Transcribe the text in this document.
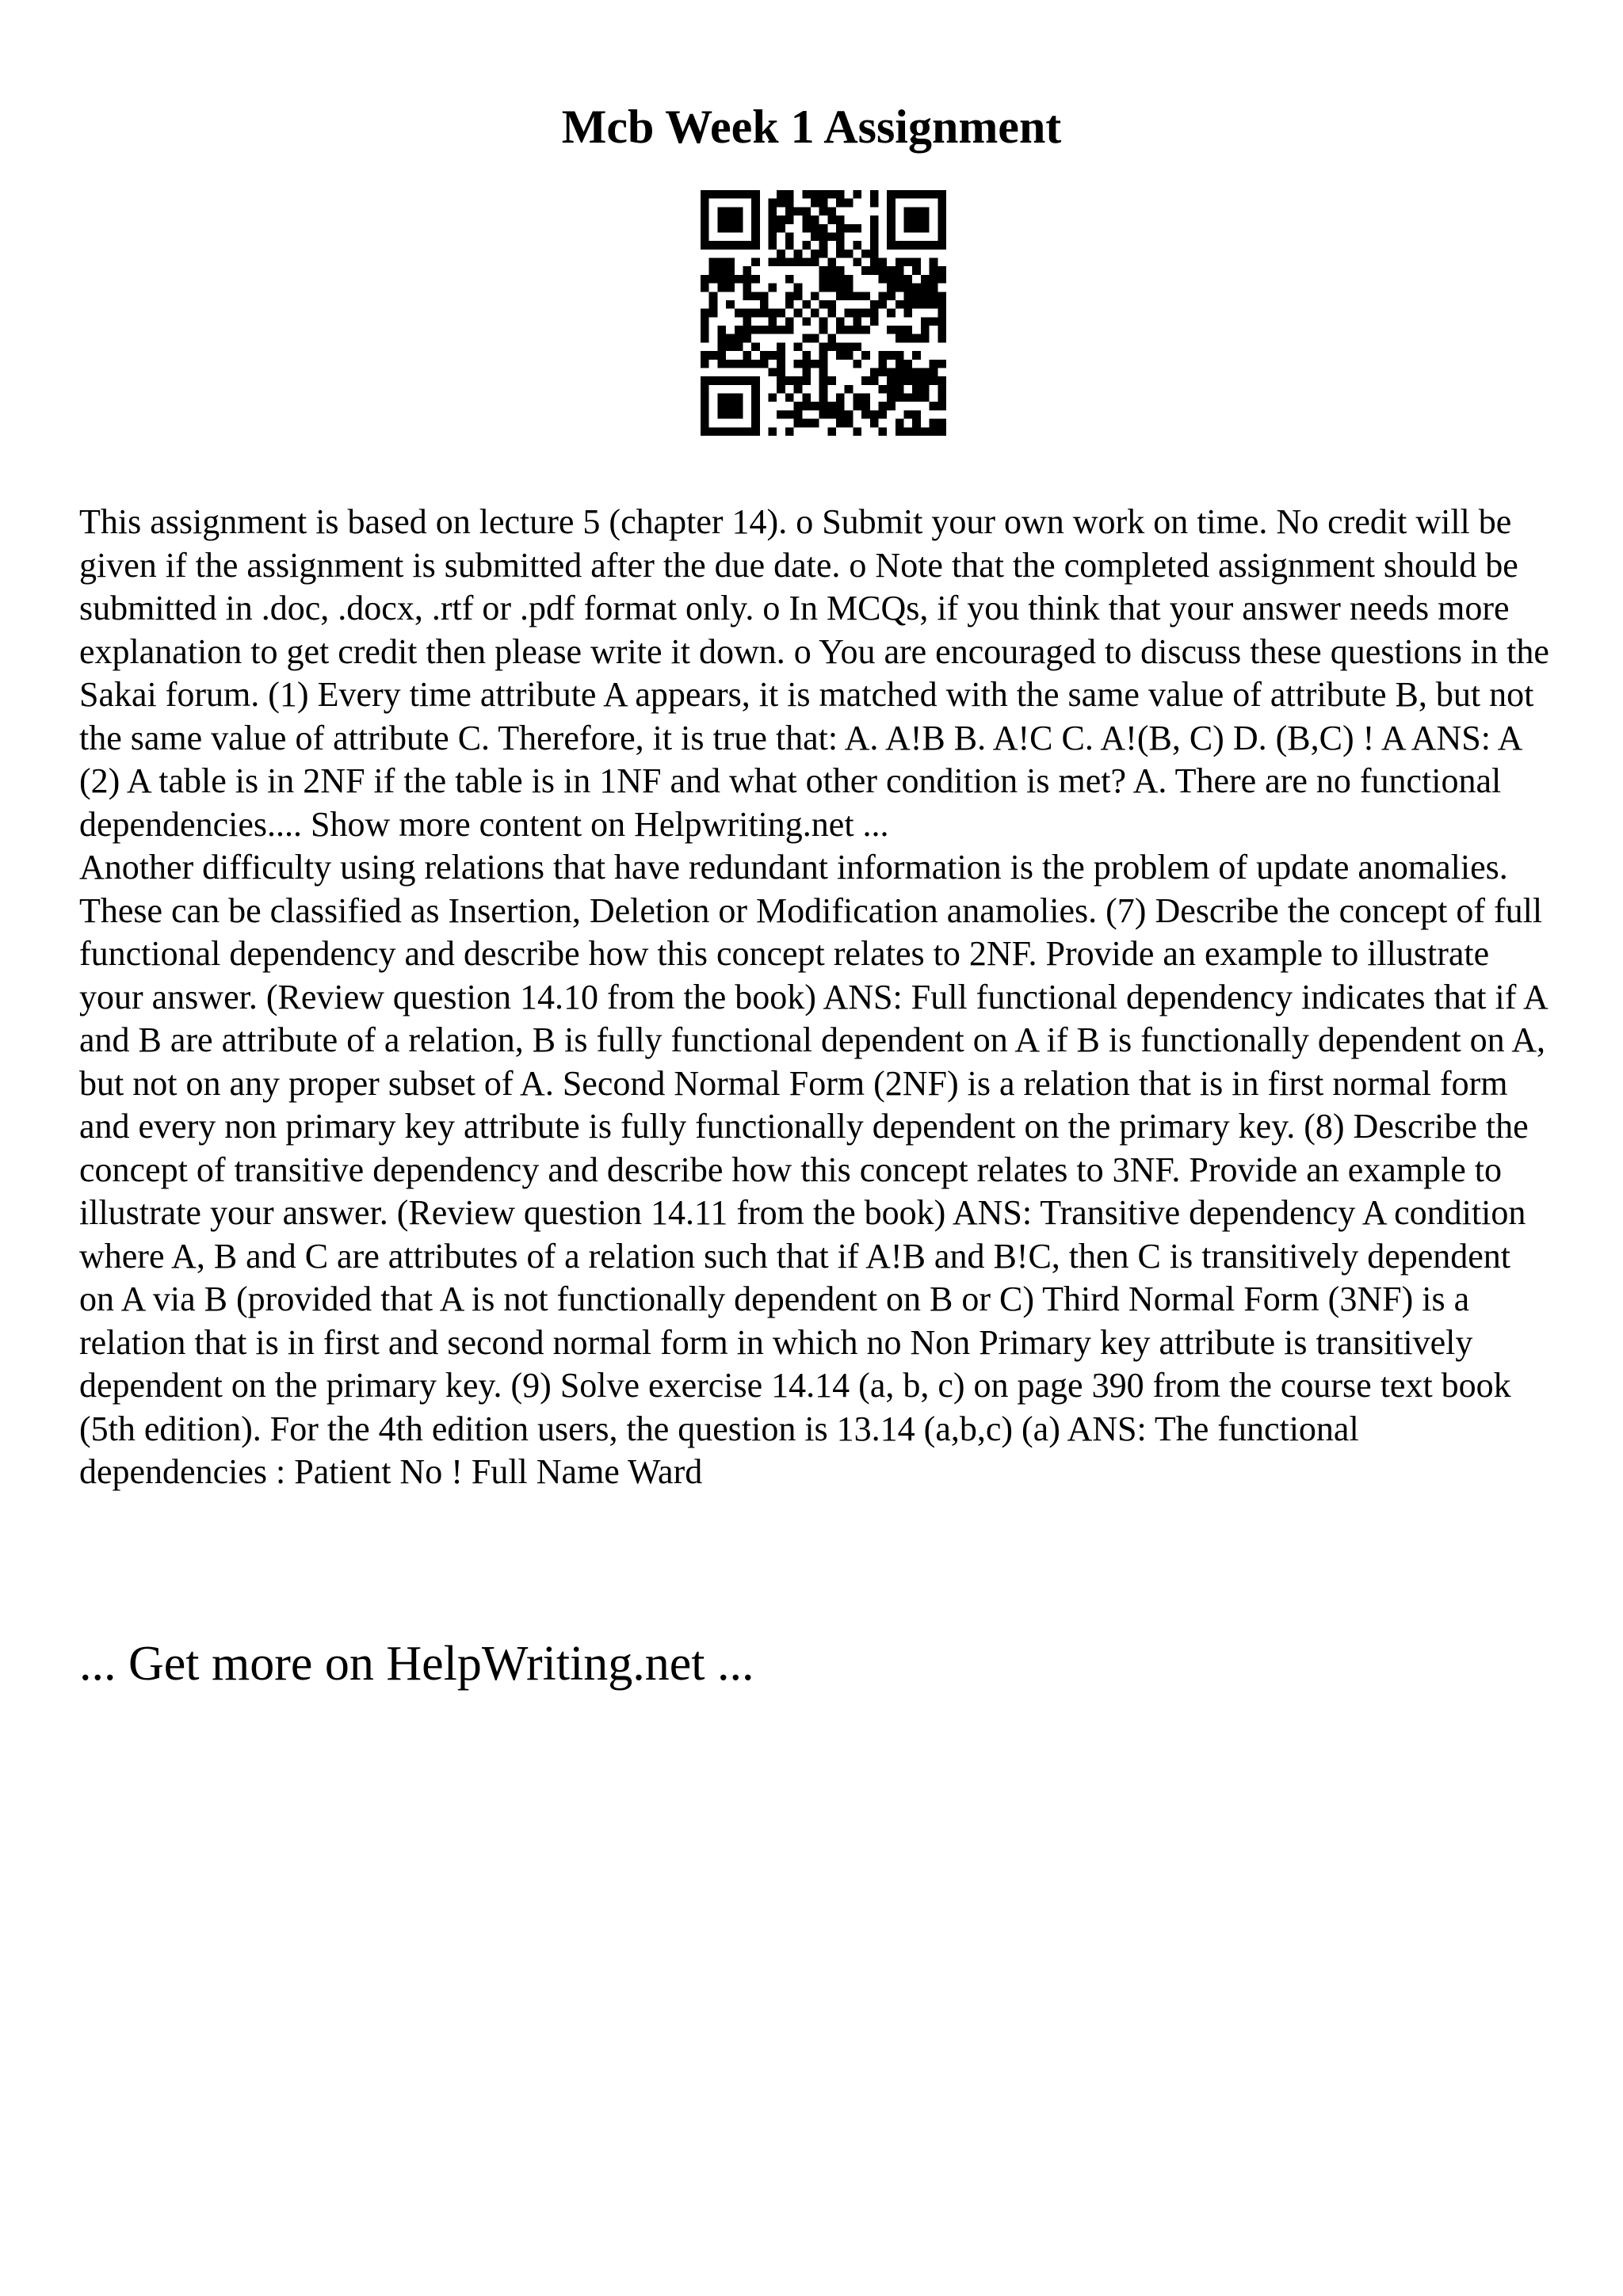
Mcb Week 1 Assignment

This assignment is based on lecture 5 (chapter 14). o Submit your own work on time. No credit will be given if the assignment is submitted after the due date. o Note that the completed assignment should be submitted in .doc, .docx, .rtf or .pdf format only. o In MCQs, if you think that your answer needs more explanation to get credit then please write it down. o You are encouraged to discuss these questions in the Sakai forum. (1) Every time attribute A appears, it is matched with the same value of attribute B, but not the same value of attribute C. Therefore, it is true that: A. A!B B. A!C C. A!(B, C) D. (B,C) ! A ANS: A (2) A table is in 2NF if the table is in 1NF and what other condition is met? A. There are no functional dependencies.... Show more content on Helpwriting.net ...

Another difficulty using relations that have redundant information is the problem of update anomalies. These can be classified as Insertion, Deletion or Modification anamolies. (7) Describe the concept of full functional dependency and describe how this concept relates to 2NF. Provide an example to illustrate your answer. (Review question 14.10 from the book) ANS: Full functional dependency indicates that if A and B are attribute of a relation, B is fully functional dependent on A if B is functionally dependent on A, but not on any proper subset of A. Second Normal Form (2NF) is a relation that is in first normal form and every non primary key attribute is fully functionally dependent on the primary key. (8) Describe the concept of transitive dependency and describe how this concept relates to 3NF. Provide an example to illustrate your answer. (Review question 14.11 from the book) ANS: Transitive dependency A condition where A, B and C are attributes of a relation such that if A!B and B!C, then C is transitively dependent on A via B (provided that A is not functionally dependent on B or C) Third Normal Form (3NF) is a relation that is in first and second normal form in which no Non Primary key attribute is transitively dependent on the primary key. (9) Solve exercise 14.14 (a, b, c) on page 390 from the course text book (5th edition). For the 4th edition users, the question is 13.14 (a,b,c) (a) ANS: The functional dependencies : Patient No ! Full Name Ward

... Get more on HelpWriting.net ...
